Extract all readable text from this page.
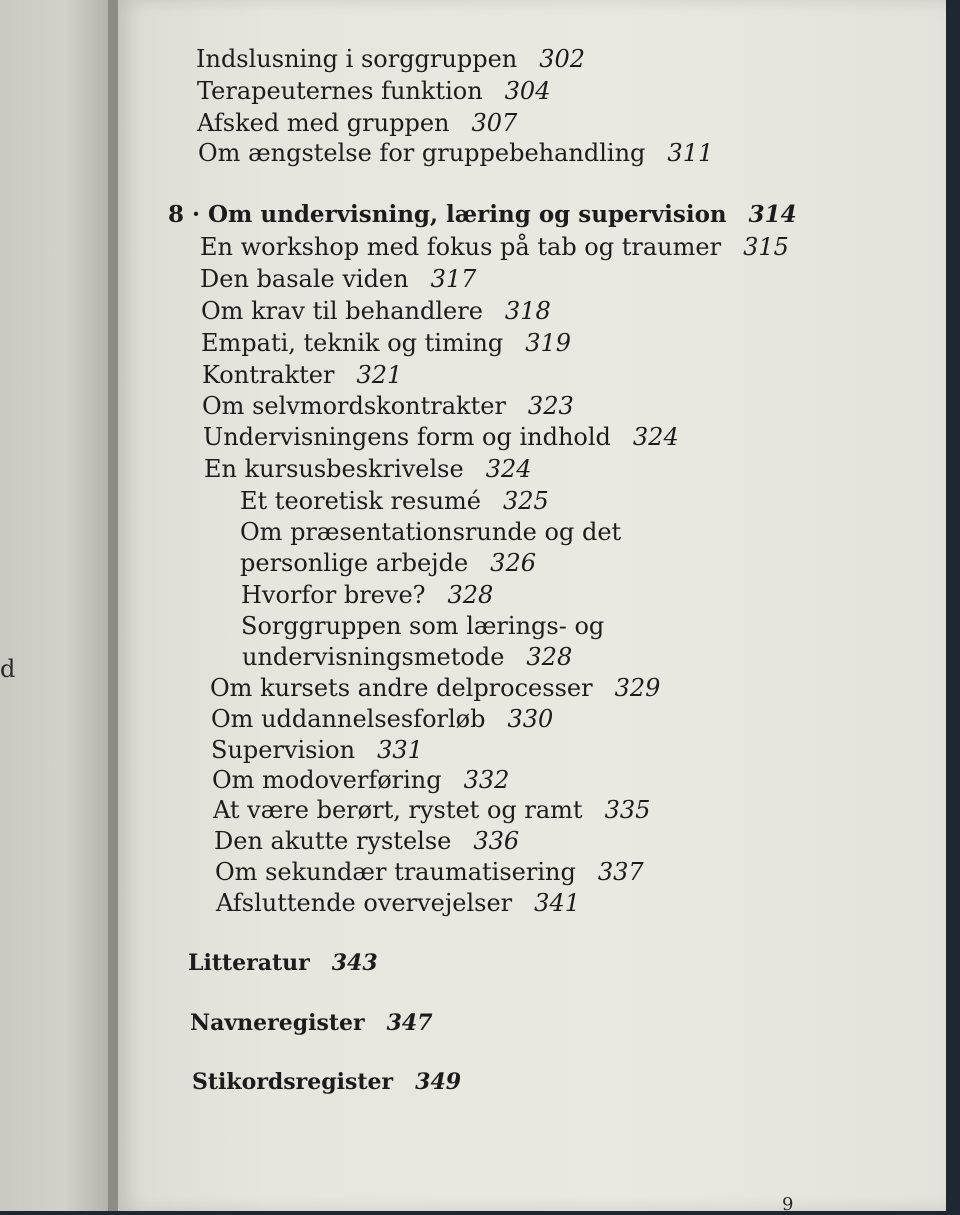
d
Indslusning i sorggruppen 302
Terapeuternes funktion 304
Afsked med gruppen 307
Om ængstelse for gruppebehandling 311
8 · Om undervisning, læring og supervision 314
En workshop med fokus på tab og traumer 315
Den basale viden 317
Om krav til behandlere 318
Empati, teknik og timing 319
Kontrakter 321
Om selvmordskontrakter 323
Undervisningens form og indhold 324
En kursusbeskrivelse 324
Et teoretisk resumé 325
Om præsentationsrunde og det
personlige arbejde 326
Hvorfor breve? 328
Sorggruppen som lærings- og
undervisningsmetode 328
Om kursets andre delprocesser 329
Om uddannelsesforløb 330
Supervision 331
Om modoverføring 332
At være berørt, rystet og ramt 335
Den akutte rystelse 336
Om sekundær traumatisering 337
Afsluttende overvejelser 341
Litteratur 343
Navneregister 347
Stikordsregister 349
9
